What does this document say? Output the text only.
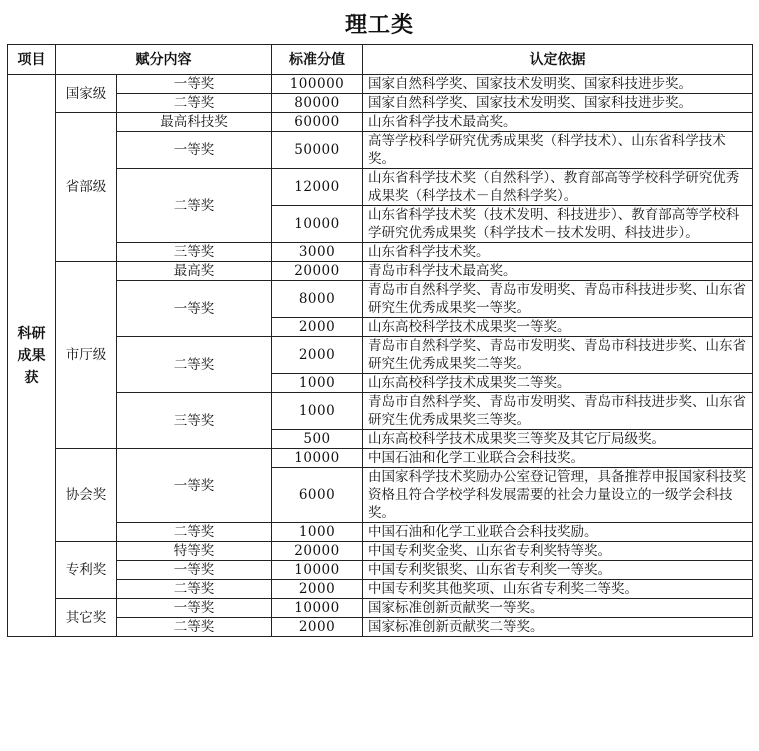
理工类
项目	赋分内容		标准分值	认定依据
科研成果获	国家级	一等奖	100000	国家自然科学奖、国家技术发明奖、国家科技进步奖。
		二等奖	80000	国家自然科学奖、国家技术发明奖、国家科技进步奖。
	省部级	最高科技奖	60000	山东省科学技术最高奖。
		一等奖	50000	高等学校科学研究优秀成果奖（科学技术）、山东省科学技术奖。
		二等奖	12000	山东省科学技术奖（自然科学）、教育部高等学校科学研究优秀成果奖（科学技术－自然科学奖）。
			10000	山东省科学技术奖（技术发明、科技进步）、教育部高等学校科学研究优秀成果奖（科学技术－技术发明、科技进步）。
		三等奖	3000	山东省科学技术奖。
	市厅级	最高奖	20000	青岛市科学技术最高奖。
		一等奖	8000	青岛市自然科学奖、青岛市发明奖、青岛市科技进步奖、山东省研究生优秀成果奖一等奖。
			2000	山东高校科学技术成果奖一等奖。
		二等奖	2000	青岛市自然科学奖、青岛市发明奖、青岛市科技进步奖、山东省研究生优秀成果奖二等奖。
			1000	山东高校科学技术成果奖二等奖。
		三等奖	1000	青岛市自然科学奖、青岛市发明奖、青岛市科技进步奖、山东省研究生优秀成果奖三等奖。
			500	山东高校科学技术成果奖三等奖及其它厅局级奖。
	协会奖	一等奖	10000	中国石油和化学工业联合会科技奖。
			6000	由国家科学技术奖励办公室登记管理，具备推荐申报国家科技奖资格且符合学校学科发展需要的社会力量设立的一级学会科技奖。
		二等奖	1000	中国石油和化学工业联合会科技奖励。
	专利奖	特等奖	20000	中国专利奖金奖、山东省专利奖特等奖。
		一等奖	10000	中国专利奖银奖、山东省专利奖一等奖。
		二等奖	2000	中国专利奖其他奖项、山东省专利奖二等奖。
	其它奖	一等奖	10000	国家标准创新贡献奖一等奖。
		二等奖	2000	国家标准创新贡献奖二等奖。
